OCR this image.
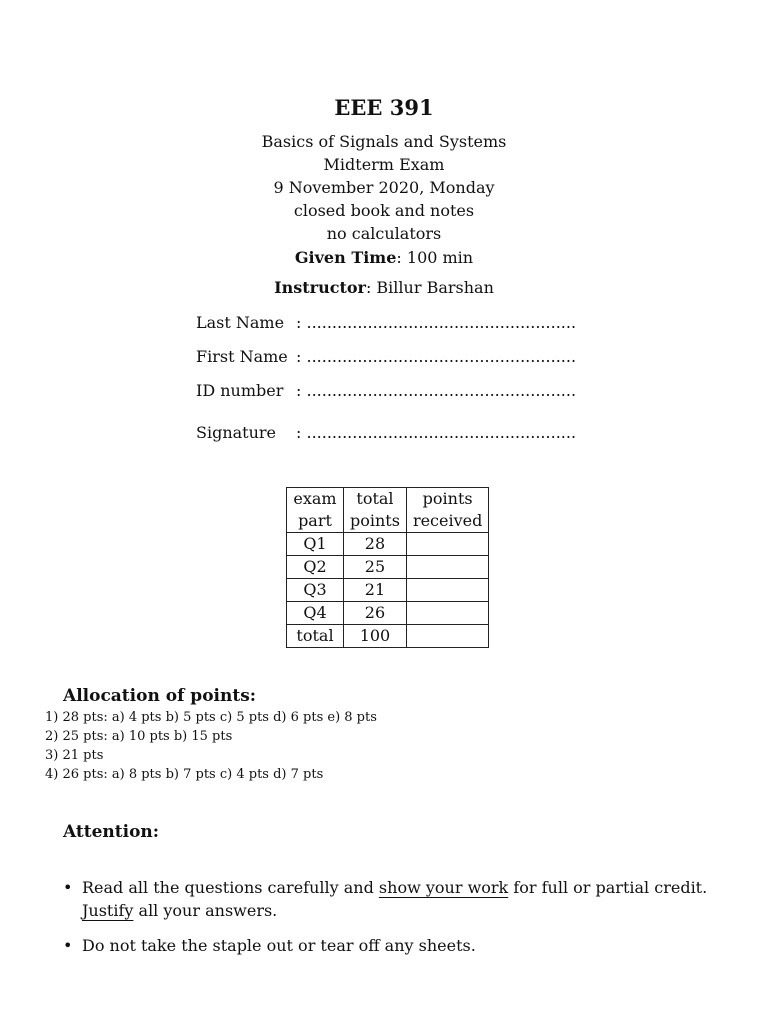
EEE 391
Basics of Signals and Systems
Midterm Exam
9 November 2020, Monday
closed book and notes
no calculators
Given Time: 100 min
Instructor: Billur Barshan
Last Name : .....................................................
First Name : .....................................................
ID number : .....................................................
Signature : .....................................................
exam	total	points
part	points	received
Q1	28	
Q2	25	
Q3	21	
Q4	26	
total	100	
Allocation of points:
1) 28 pts: a) 4 pts b) 5 pts c) 5 pts d) 6 pts e) 8 pts
2) 25 pts: a) 10 pts b) 15 pts
3) 21 pts
4) 26 pts: a) 8 pts b) 7 pts c) 4 pts d) 7 pts
Attention:
• Read all the questions carefully and show your work for full or partial credit.
Justify all your answers.
• Do not take the staple out or tear off any sheets.
